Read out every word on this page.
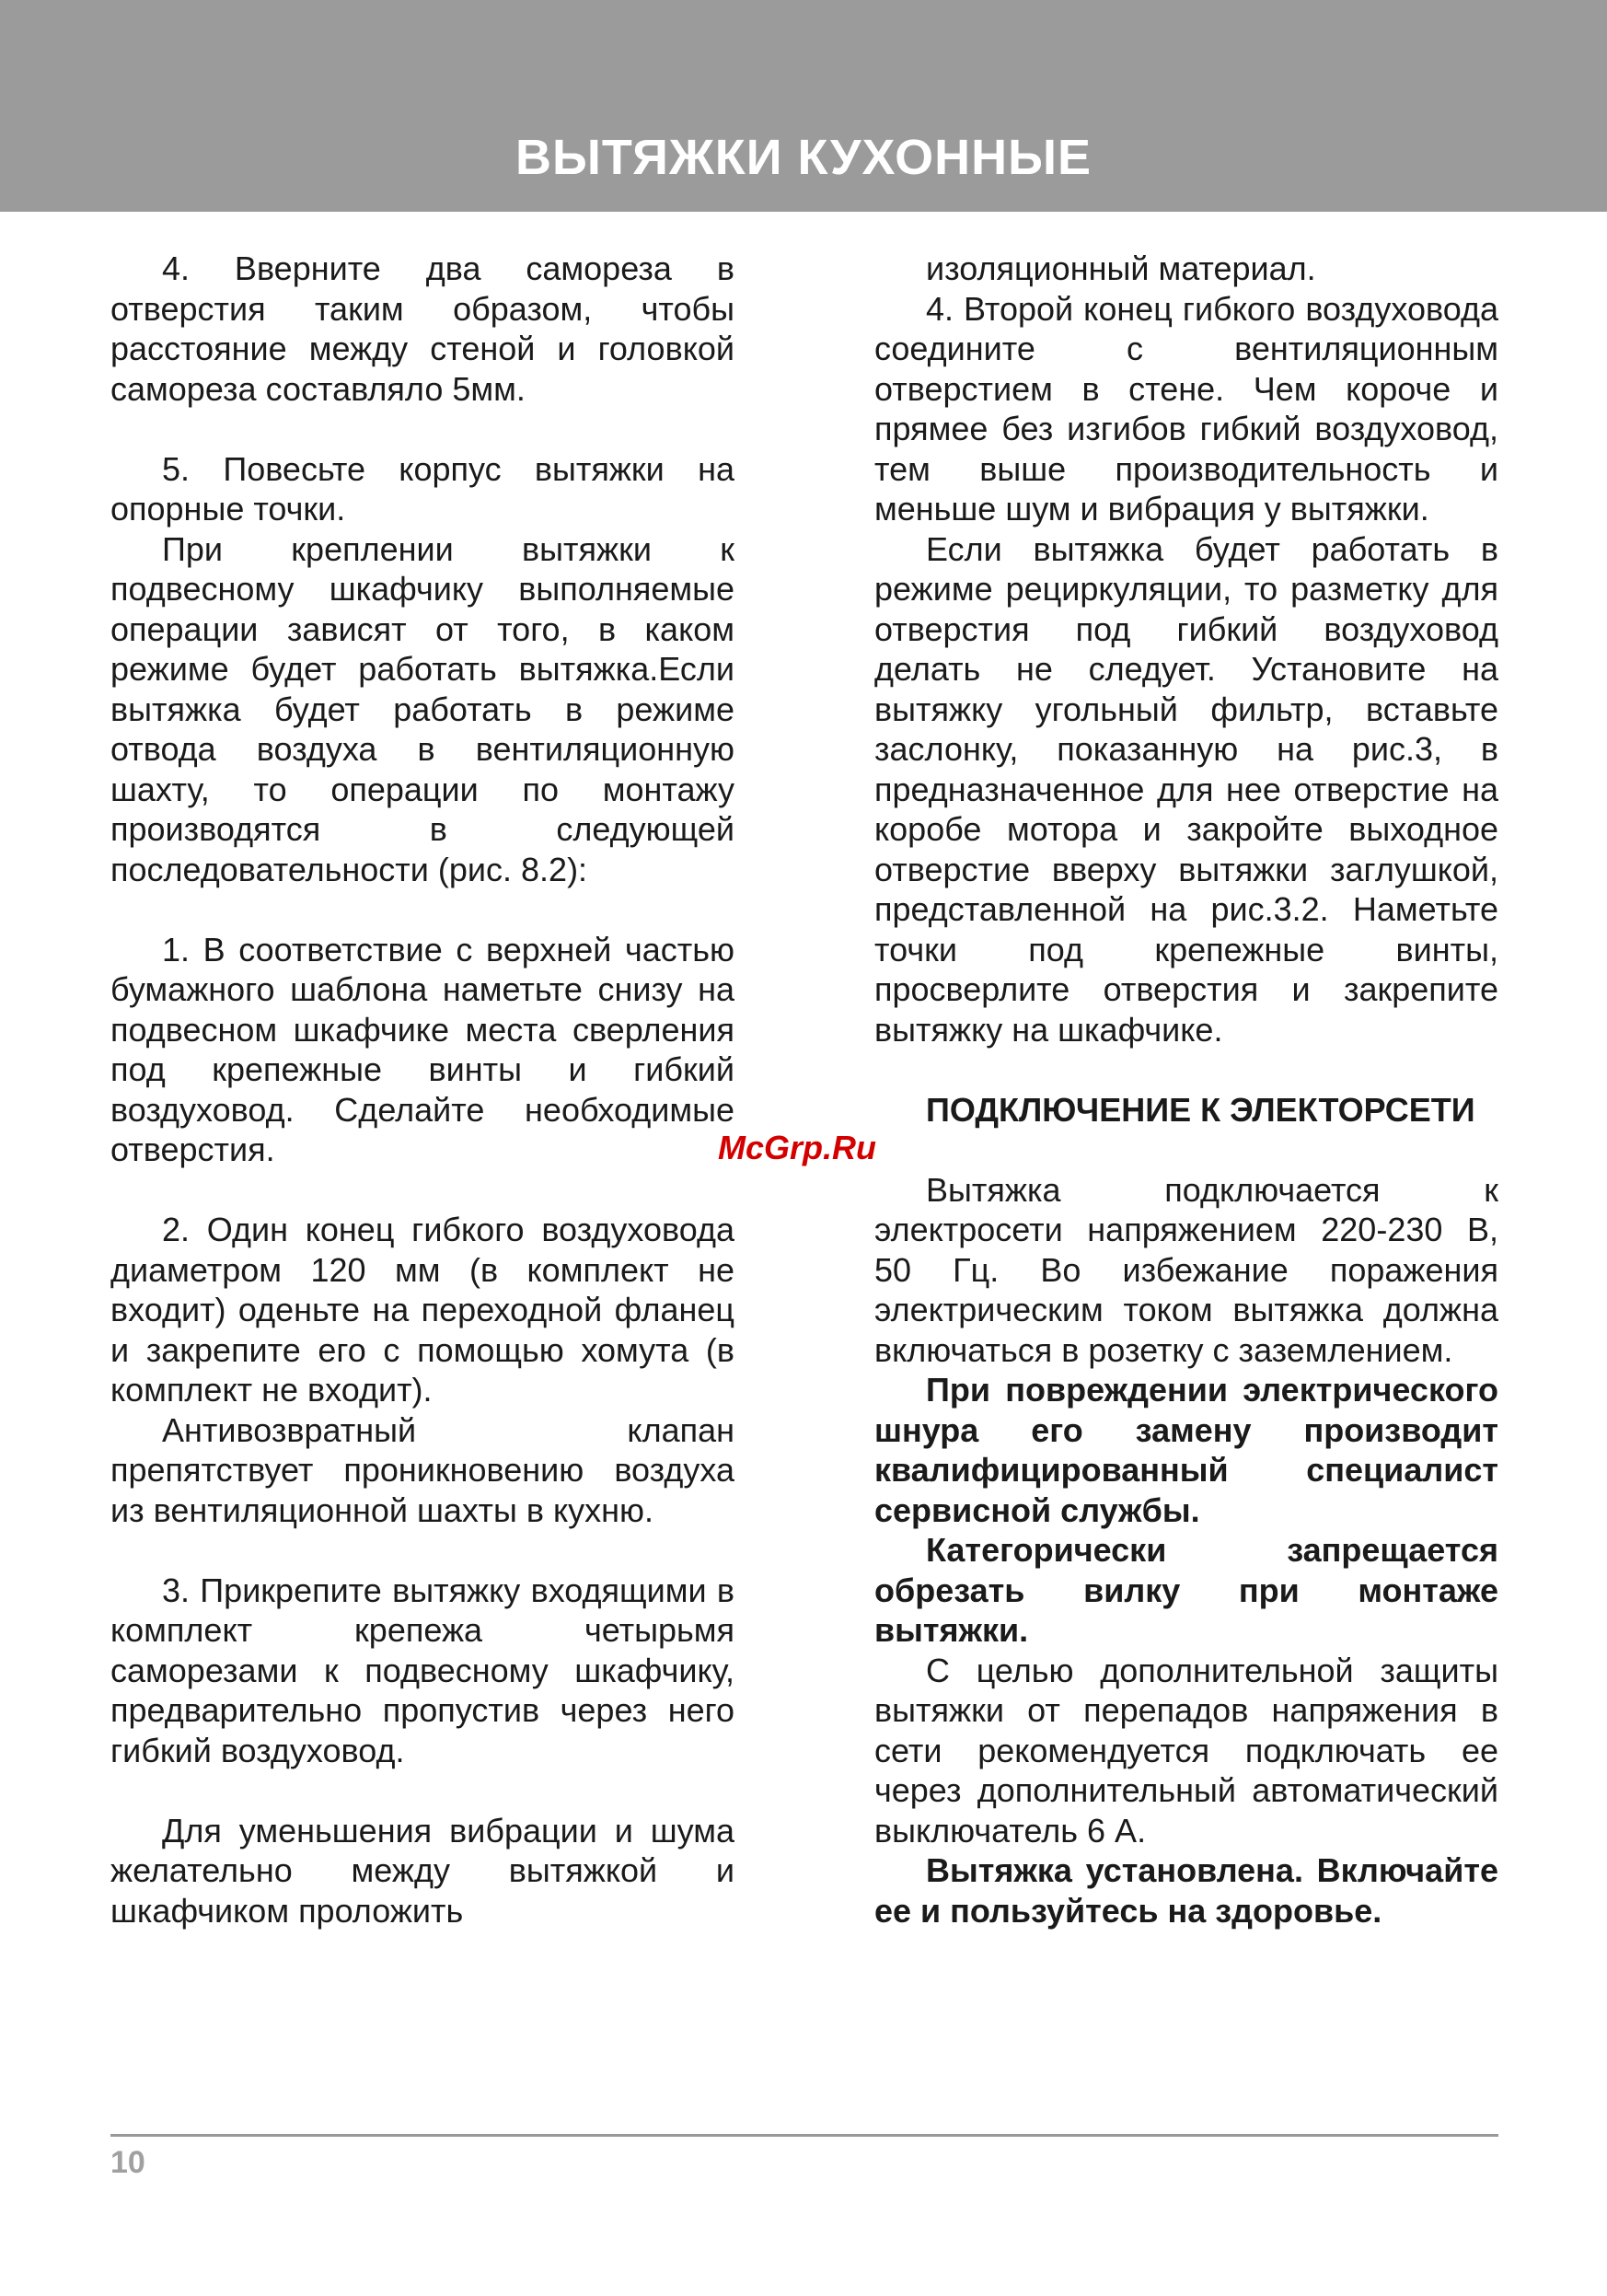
ВЫТЯЖКИ КУХОННЫЕ

4. Вверните два самореза в отверстия таким образом, чтобы расстояние между стеной и головкой самореза составляло 5мм.

5. Повесьте корпус вытяжки на опорные точки.

При креплении вытяжки к подвесному шкафчику выполняемые операции зависят от того, в каком режиме будет работать вытяжка.Если вытяжка будет работать в режиме отвода воздуха в вентиляционную шахту, то операции по монтажу производятся в следующей последовательности (рис. 8.2):

1. В соответствие с верхней частью бумажного шаблона наметьте снизу на подвесном шкафчике места сверления под крепежные винты и гибкий воздуховод. Сделайте необходимые отверстия.

2. Один конец гибкого воздуховода диаметром 120 мм (в комплект не входит) оденьте на переходной фланец и закрепите его с помощью хомута (в комплект не входит).

Антивозвратный клапан препятствует проникновению воздуха из вентиляционной шахты в кухню.

3. Прикрепите вытяжку входящими в комплект крепежа четырьмя саморезами к подвесному шкафчику, предварительно пропустив через него гибкий воздуховод.

Для уменьшения вибрации и шума желательно между вытяжкой и шкафчиком проложить

изоляционный материал.

4. Второй конец гибкого воздуховода соедините с вентиляционным отверстием в стене. Чем короче и прямее без изгибов гибкий воздуховод, тем выше производительность и меньше шум и вибрация у вытяжки.

Если вытяжка будет работать в режиме рециркуляции, то разметку для отверстия под гибкий воздуховод делать не следует. Установите на вытяжку угольный фильтр, вставьте заслонку, показанную на рис.3, в предназначенное для нее отверстие на коробе мотора и закройте выходное отверстие вверху вытяжки заглушкой, представленной на рис.3.2. Наметьте точки под крепежные винты, просверлите отверстия и закрепите вытяжку на шкафчике.

ПОДКЛЮЧЕНИЕ К ЭЛЕКТОРСЕТИ

Вытяжка подключается к электросети напряжением 220-230 В, 50 Гц. Во избежание поражения электрическим током вытяжка должна включаться в розетку с заземлением.

При повреждении электрического шнура его замену производит квалифицированный специалист сервисной службы.

Категорически запрещается обрезать вилку при монтаже вытяжки.

С целью дополнительной защиты вытяжки от перепадов напряжения в сети рекомендуется подключать ее через дополнительный автоматический выключатель 6 А.

Вытяжка установлена. Включайте ее и пользуйтесь на здоровье.

McGrp.Ru
10
